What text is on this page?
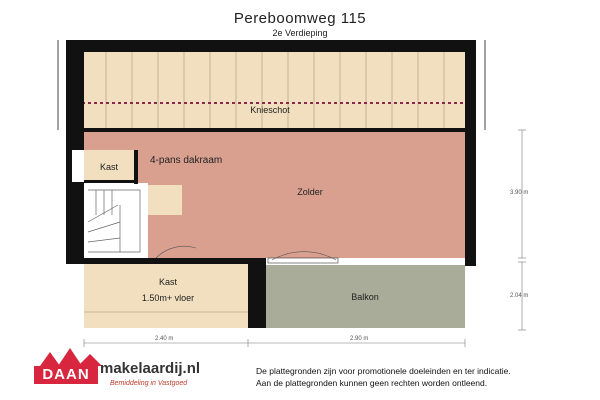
Pereboomweg 115
2e Verdieping
Knieschot
Kast
4-pans dakraam
Zolder
Kast
1.50m+ vloer	Balkon
3.90 m
2.04 m
2.40 m	2.90 m
DAAN makelaardij.nl
Bemiddeling in Vastgoed
De plattegronden zijn voor promotionele doeleinden en ter indicatie.
Aan de plattegronden kunnen geen rechten worden ontleend.
